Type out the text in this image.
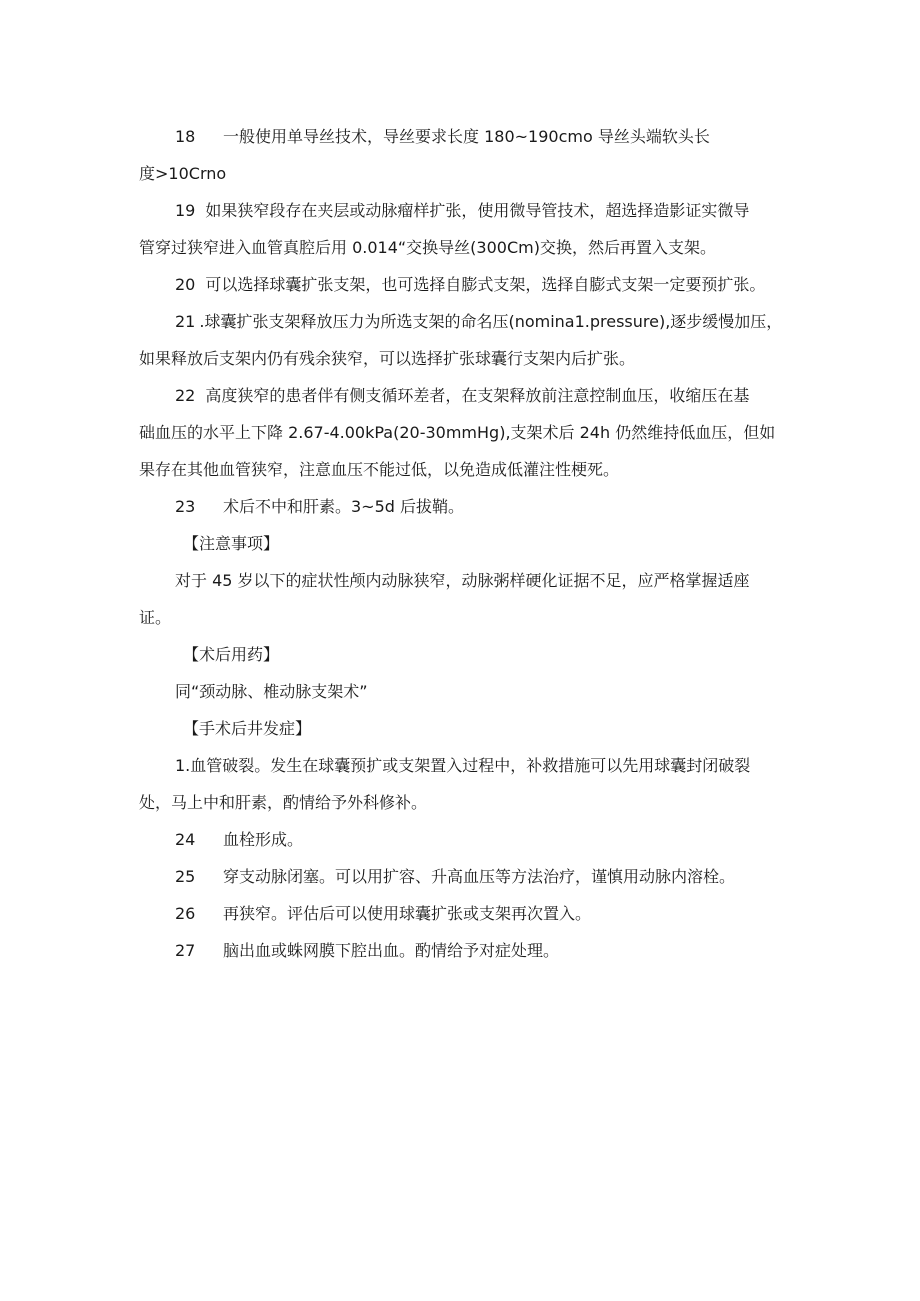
18 一般使用单导丝技术，导丝要求长度 180~190cmo 导丝头端软头长
度>10Crno
19 如果狭窄段存在夹层或动脉瘤样扩张，使用微导管技术，超选择造影证实微导
管穿过狭窄进入血管真腔后用 0.014“交换导丝(300Cm)交换，然后再置入支架。
20 可以选择球囊扩张支架，也可选择自膨式支架，选择自膨式支架一定要预扩张。
21 .球囊扩张支架释放压力为所选支架的命名压(nomina1.pressure),逐步缓慢加压，
如果释放后支架内仍有残余狭窄，可以选择扩张球囊行支架内后扩张。
22 高度狭窄的患者伴有侧支循环差者，在支架释放前注意控制血压，收缩压在基
础血压的水平上下降 2.67-4.00kPa(20-30mmHg),支架术后 24h 仍然维持低血压，但如
果存在其他血管狭窄，注意血压不能过低，以免造成低灌注性梗死。
23 术后不中和肝素。3~5d 后拔鞘。
【注意事项】
对于 45 岁以下的症状性颅内动脉狭窄，动脉粥样硬化证据不足，应严格掌握适座
证。
【术后用药】
同“颈动脉、椎动脉支架术”
【手术后井发症】
1.血管破裂。发生在球囊预扩或支架置入过程中，补救措施可以先用球囊封闭破裂
处，马上中和肝素，酌情给予外科修补。
24 血栓形成。
25 穿支动脉闭塞。可以用扩容、升高血压等方法治疗，谨慎用动脉内溶栓。
26 再狭窄。评估后可以使用球囊扩张或支架再次置入。
27 脑出血或蛛网膜下腔出血。酌情给予对症处理。
